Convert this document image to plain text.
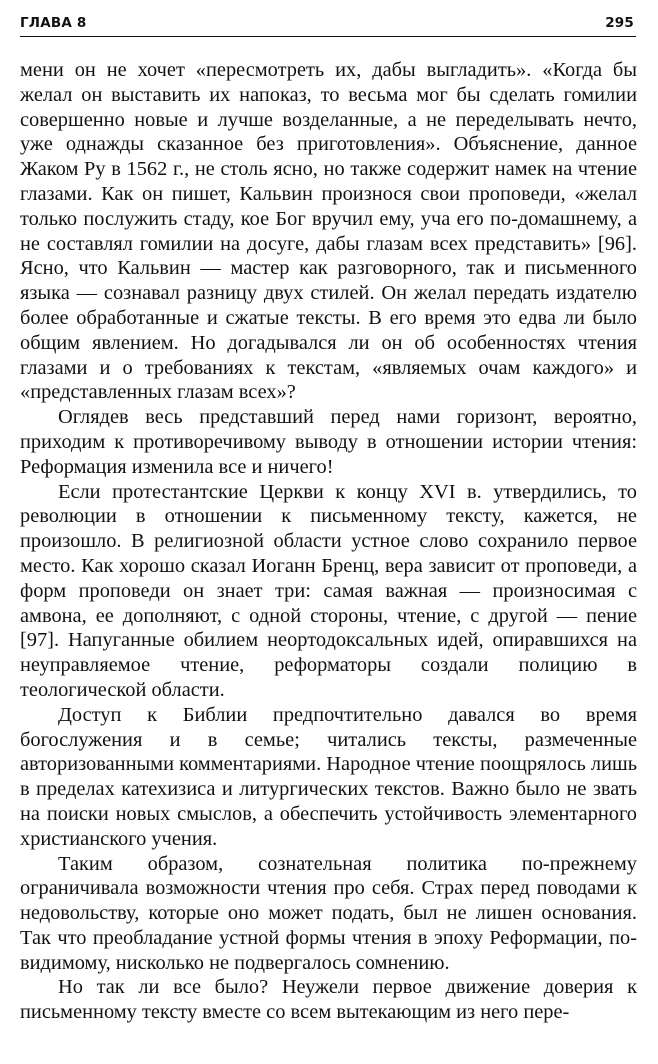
ГЛАВА 8	295

мени он не хочет «пересмотреть их, дабы выгладить». «Когда бы желал он выставить их напоказ, то весьма мог бы сделать гомилии совершенно новые и лучше возделанные, а не переделывать нечто, уже однажды сказанное без приготовления». Объяснение, данное Жаком Ру в 1562 г., не столь ясно, но также содержит намек на чтение глазами. Как он пишет, Кальвин произнося свои проповеди, «желал только послужить стаду, кое Бог вручил ему, уча его по-домашнему, а не составлял гомилии на досуге, дабы глазам всех представить» [96]. Ясно, что Кальвин — мастер как разговорного, так и письменного языка — сознавал разницу двух стилей. Он желал передать издателю более обработанные и сжатые тексты. В его время это едва ли было общим явлением. Но догадывался ли он об особенностях чтения глазами и о требованиях к текстам, «являемых очам каждого» и «представленных глазам всех»?

Оглядев весь представший перед нами горизонт, вероятно, приходим к противоречивому выводу в отношении истории чтения: Реформация изменила все и ничего!

Если протестантские Церкви к концу XVI в. утвердились, то революции в отношении к письменному тексту, кажется, не произошло. В религиозной области устное слово сохранило первое место. Как хорошо сказал Иоганн Бренц, вера зависит от проповеди, а форм проповеди он знает три: самая важная — произносимая с амвона, ее дополняют, с одной стороны, чтение, с другой — пение [97]. Напуганные обилием неортодоксальных идей, опиравшихся на неуправляемое чтение, реформаторы создали полицию в теологической области.

Доступ к Библии предпочтительно давался во время богослужения и в семье; читались тексты, размеченные авторизованными комментариями. Народное чтение поощрялось лишь в пределах катехизиса и литургических текстов. Важно было не звать на поиски новых смыслов, а обеспечить устойчивость элементарного христианского учения.

Таким образом, сознательная политика по-прежнему ограничивала возможности чтения про себя. Страх перед поводами к недовольству, которые оно может подать, был не лишен основания. Так что преобладание устной формы чтения в эпоху Реформации, по-видимому, нисколько не подвергалось сомнению.

Но так ли все было? Неужели первое движение доверия к письменному тексту вместе со всем вытекающим из него пере-
